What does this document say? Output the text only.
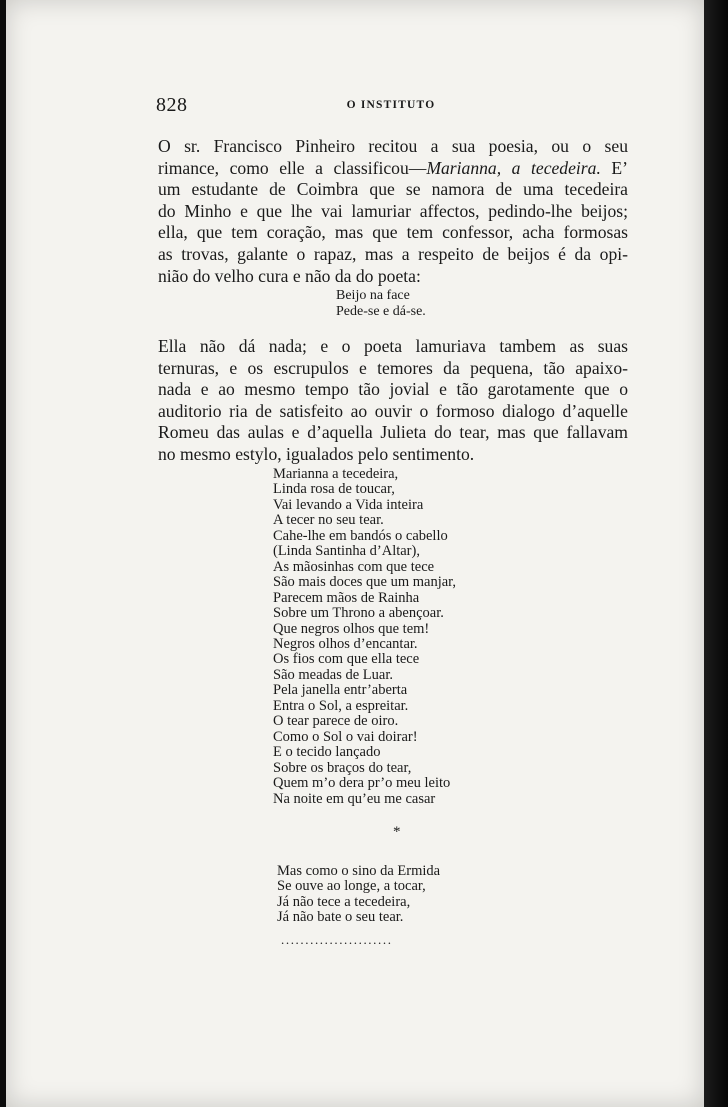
828	O INSTITUTO
O sr. Francisco Pinheiro recitou a sua poesia, ou o seu
rimance, como elle a classificou—Marianna, a tecedeira. E’
um estudante de Coimbra que se namora de uma tecedeira
do Minho e que lhe vai lamuriar affectos, pedindo-lhe beijos;
ella, que tem coração, mas que tem confessor, acha formosas
as trovas, galante o rapaz, mas a respeito de beijos é da opi-
nião do velho cura e não da do poeta:
Beijo na face
Pede-se e dá-se.
Ella não dá nada; e o poeta lamuriava tambem as suas
ternuras, e os escrupulos e temores da pequena, tão apaixo-
nada e ao mesmo tempo tão jovial e tão garotamente que o
auditorio ria de satisfeito ao ouvir o formoso dialogo d’aquelle
Romeu das aulas e d’aquella Julieta do tear, mas que fallavam
no mesmo estylo, igualados pelo sentimento.
Marianna a tecedeira,
Linda rosa de toucar,
Vai levando a Vida inteira
A tecer no seu tear.
Cahe-lhe em bandós o cabello
(Linda Santinha d’Altar),
As mãosinhas com que tece
São mais doces que um manjar,
Parecem mãos de Rainha
Sobre um Throno a abençoar.
Que negros olhos que tem!
Negros olhos d’encantar.
Os fios com que ella tece
São meadas de Luar.
Pela janella entr’aberta
Entra o Sol, a espreitar.
O tear parece de oiro.
Como o Sol o vai doirar!
E o tecido lançado
Sobre os braços do tear,
Quem m’o dera pr’o meu leito
Na noite em qu’eu me casar
*
Mas como o sino da Ermida
Se ouve ao longe, a tocar,
Já não tece a tecedeira,
Já não bate o seu tear.
.......................
